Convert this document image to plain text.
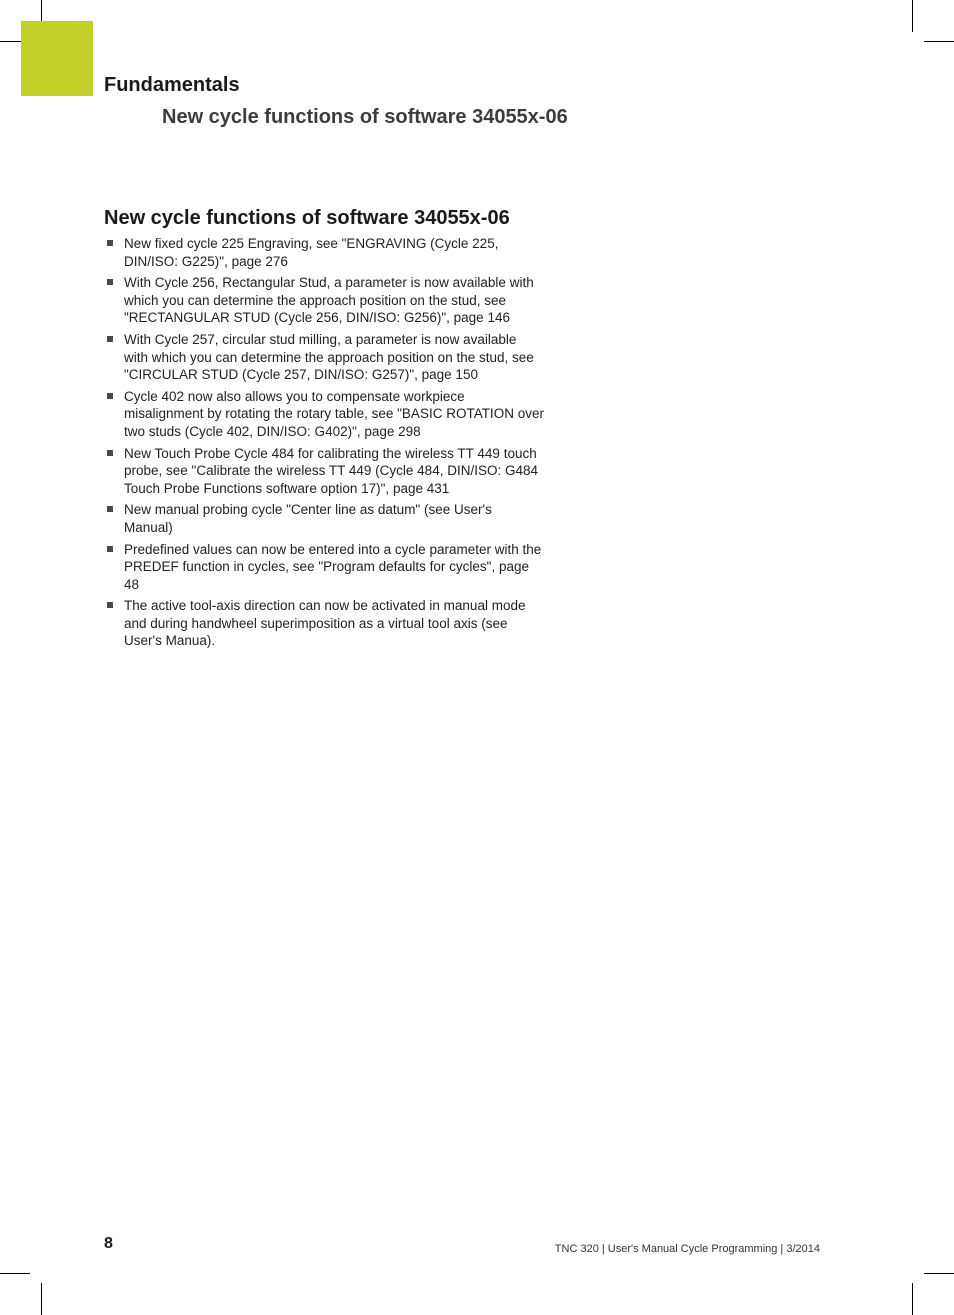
Fundamentals
New cycle functions of software 34055x-06
New cycle functions of software 34055x-06
New fixed cycle 225 Engraving, see "ENGRAVING (Cycle 225, DIN/ISO: G225)", page 276
With Cycle 256, Rectangular Stud, a parameter is now available with which you can determine the approach position on the stud, see "RECTANGULAR STUD (Cycle 256, DIN/ISO: G256)", page 146
With Cycle 257, circular stud milling, a parameter is now available with which you can determine the approach position on the stud, see "CIRCULAR STUD (Cycle 257, DIN/ISO: G257)", page 150
Cycle 402 now also allows you to compensate workpiece misalignment by rotating the rotary table, see "BASIC ROTATION over two studs (Cycle 402, DIN/ISO: G402)", page 298
New Touch Probe Cycle 484 for calibrating the wireless TT 449 touch probe, see "Calibrate the wireless TT 449 (Cycle 484, DIN/ISO: G484 Touch Probe Functions software option 17)", page 431
New manual probing cycle "Center line as datum" (see User's Manual)
Predefined values can now be entered into a cycle parameter with the PREDEF function in cycles, see "Program defaults for cycles", page 48
The active tool-axis direction can now be activated in manual mode and during handwheel superimposition as a virtual tool axis (see User's Manua).
8	TNC 320 | User's Manual Cycle Programming | 3/2014
